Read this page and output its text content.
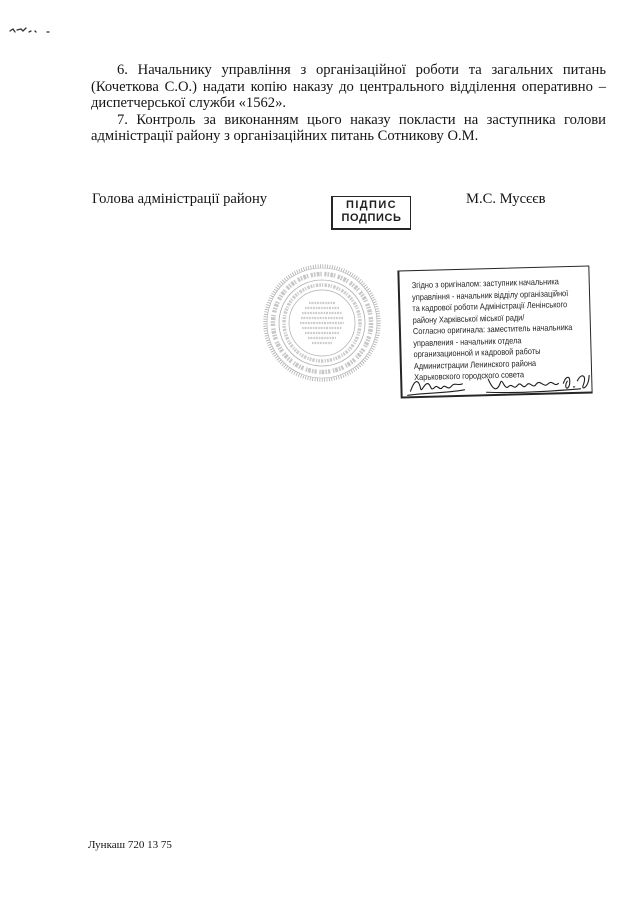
6. Начальнику управління з організаційної роботи та загальних питань
(Кочеткова С.О.) надати копію наказу до центрального відділення оперативно –
диспетчерської служби «1562».
7. Контроль за виконанням цього наказу покласти на заступника голови
адміністрації району з організаційних питань Сотникову О.М.
Голова адміністрації району	М.С. Мусєєв
ПІДПИС
ПОДПИСЬ
Згідно з оригіналом: заступник начальника
управління - начальник відділу організаційної
та кадрової роботи Адміністрації Ленінського
району Харківської міської ради/
Согласно оригинала: заместитель начальника
управления - начальник отдела
организационной и кадровой работы
Администрации Ленинского района
Харьковского городского совета
Лункаш 720 13 75
